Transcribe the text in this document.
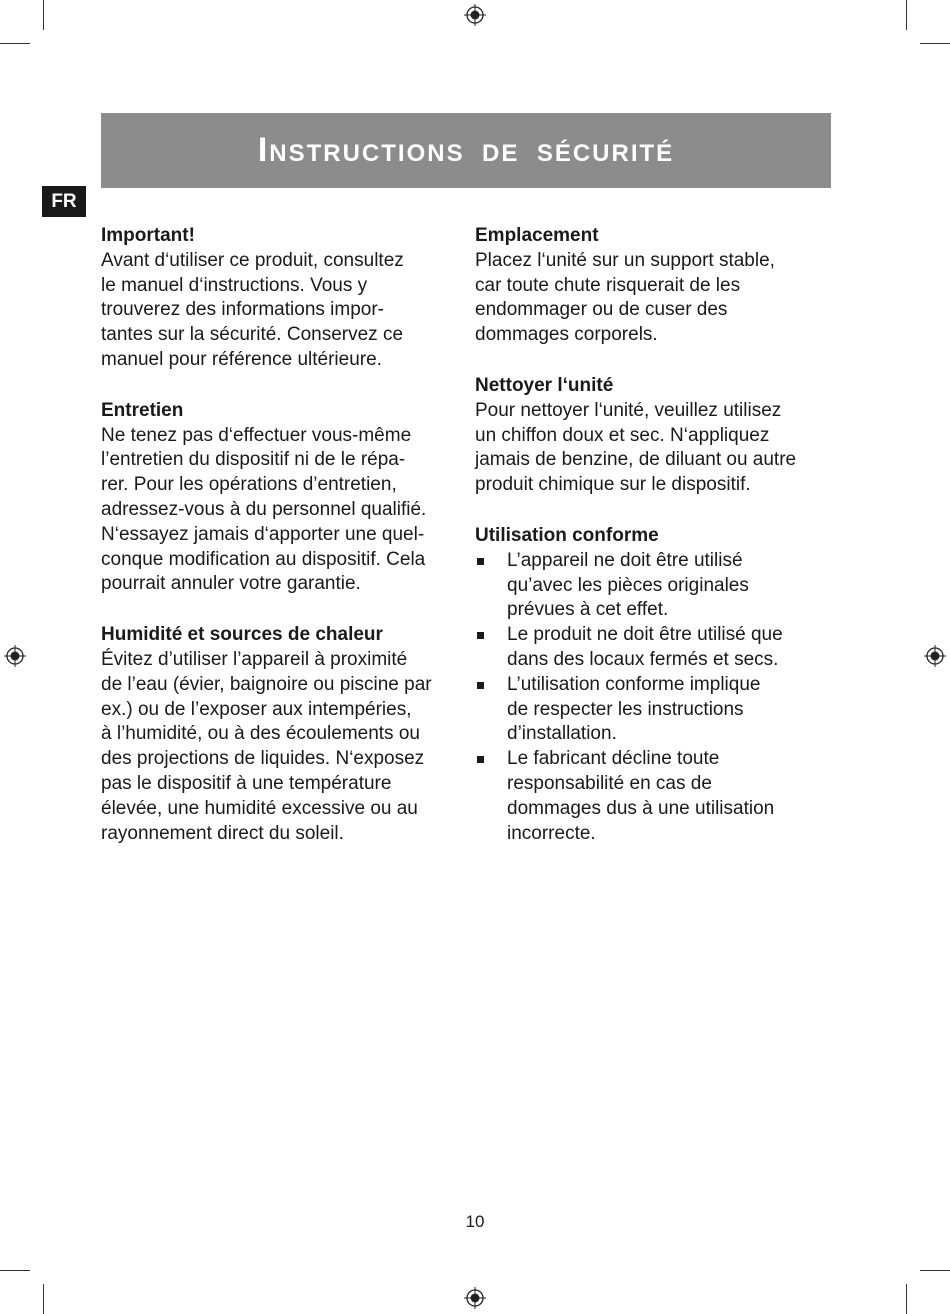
Instructions de sécurité
FR
Important!
Avant d‘utiliser ce produit, consultez
le manuel d‘instructions. Vous y
trouverez des informations impor-
tantes sur la sécurité. Conservez ce
manuel pour référence ultérieure.
Entretien
Ne tenez pas d‘effectuer vous-même
l’entretien du dispositif ni de le répa-
rer. Pour les opérations d’entretien,
adressez-vous à du personnel qualifié.
N‘essayez jamais d‘apporter une quel-
conque modification au dispositif. Cela
pourrait annuler votre garantie.
Humidité et sources de chaleur
Évitez d’utiliser l’appareil à proximité
de l’eau (évier, baignoire ou piscine par
ex.) ou de l’exposer aux intempéries,
à l’humidité, ou à des écoulements ou
des projections de liquides. N‘exposez
pas le dispositif à une température
élevée, une humidité excessive ou au
rayonnement direct du soleil.
Emplacement
Placez l‘unité sur un support stable,
car toute chute risquerait de les
endommager ou de cuser des
dommages corporels.
Nettoyer l‘unité
Pour nettoyer l‘unité, veuillez utilisez
un chiffon doux et sec. N‘appliquez
jamais de benzine, de diluant ou autre
produit chimique sur le dispositif.
Utilisation conforme
L’appareil ne doit être utilisé
qu’avec les pièces originales
prévues à cet effet.
Le produit ne doit être utilisé que
dans des locaux fermés et secs.
L’utilisation conforme implique
de respecter les instructions
d’installation.
Le fabricant décline toute
responsabilité en cas de
dommages dus à une utilisation
incorrecte.
10
